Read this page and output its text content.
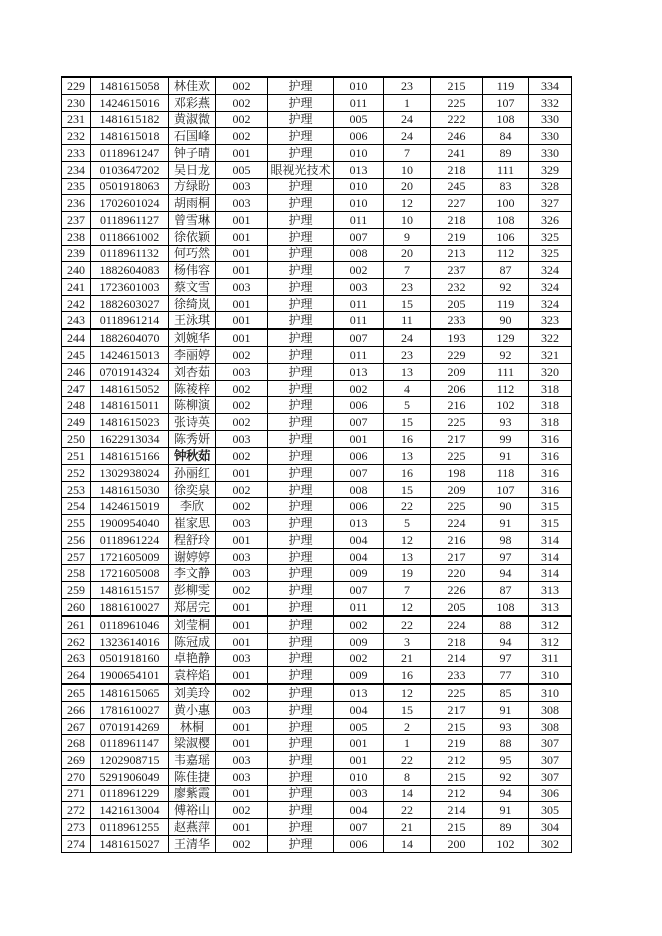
229	1481615058	林佳欢	002	护理	010	23	215	119	334
230	1424615016	邓彩燕	002	护理	011	1	225	107	332
231	1481615182	黄淑微	002	护理	005	24	222	108	330
232	1481615018	石国峰	002	护理	006	24	246	84	330
233	0118961247	钟子晴	001	护理	010	7	241	89	330
234	0103647202	吴日龙	005	眼视光技术	013	10	218	111	329
235	0501918063	方绿盼	003	护理	010	20	245	83	328
236	1702601024	胡雨桐	003	护理	010	12	227	100	327
237	0118961127	曾雪琳	001	护理	011	10	218	108	326
238	0118661002	徐依颖	001	护理	007	9	219	106	325
239	0118961132	何巧然	001	护理	008	20	213	112	325
240	1882604083	杨伟容	001	护理	002	7	237	87	324
241	1723601003	蔡文雪	003	护理	003	23	232	92	324
242	1882603027	徐绮岚	001	护理	011	15	205	119	324
243	0118961214	王泳琪	001	护理	011	11	233	90	323
244	1882604070	刘婉华	001	护理	007	24	193	129	322
245	1424615013	李丽婷	002	护理	011	23	229	92	321
246	0701914324	刘杏茹	003	护理	013	13	209	111	320
247	1481615052	陈祾梓	002	护理	002	4	206	112	318
248	1481615011	陈柳演	002	护理	006	5	216	102	318
249	1481615023	张诗英	002	护理	007	15	225	93	318
250	1622913034	陈秀妍	003	护理	001	16	217	99	316
251	1481615166	钟秋茹	002	护理	006	13	225	91	316
252	1302938024	孙丽红	001	护理	007	16	198	118	316
253	1481615030	徐奕泉	002	护理	008	15	209	107	316
254	1424615019	李欣	002	护理	006	22	225	90	315
255	1900954040	崔家思	003	护理	013	5	224	91	315
256	0118961224	程舒玲	001	护理	004	12	216	98	314
257	1721605009	谢婷婷	003	护理	004	13	217	97	314
258	1721605008	李文静	003	护理	009	19	220	94	314
259	1481615157	彭柳雯	002	护理	007	7	226	87	313
260	1881610027	郑居完	001	护理	011	12	205	108	313
261	0118961046	刘莹桐	001	护理	002	22	224	88	312
262	1323614016	陈冠成	001	护理	009	3	218	94	312
263	0501918160	卓艳静	003	护理	002	21	214	97	311
264	1900654101	袁梓焰	001	护理	009	16	233	77	310
265	1481615065	刘美玲	002	护理	013	12	225	85	310
266	1781610027	黄小惠	003	护理	004	15	217	91	308
267	0701914269	林桐	001	护理	005	2	215	93	308
268	0118961147	梁淑樱	001	护理	001	1	219	88	307
269	1202908715	韦嘉瑶	003	护理	001	22	212	95	307
270	5291906049	陈佳捷	003	护理	010	8	215	92	307
271	0118961229	廖紫霞	001	护理	003	14	212	94	306
272	1421613004	傅裕山	002	护理	004	22	214	91	305
273	0118961255	赵燕萍	001	护理	007	21	215	89	304
274	1481615027	王清华	002	护理	006	14	200	102	302
